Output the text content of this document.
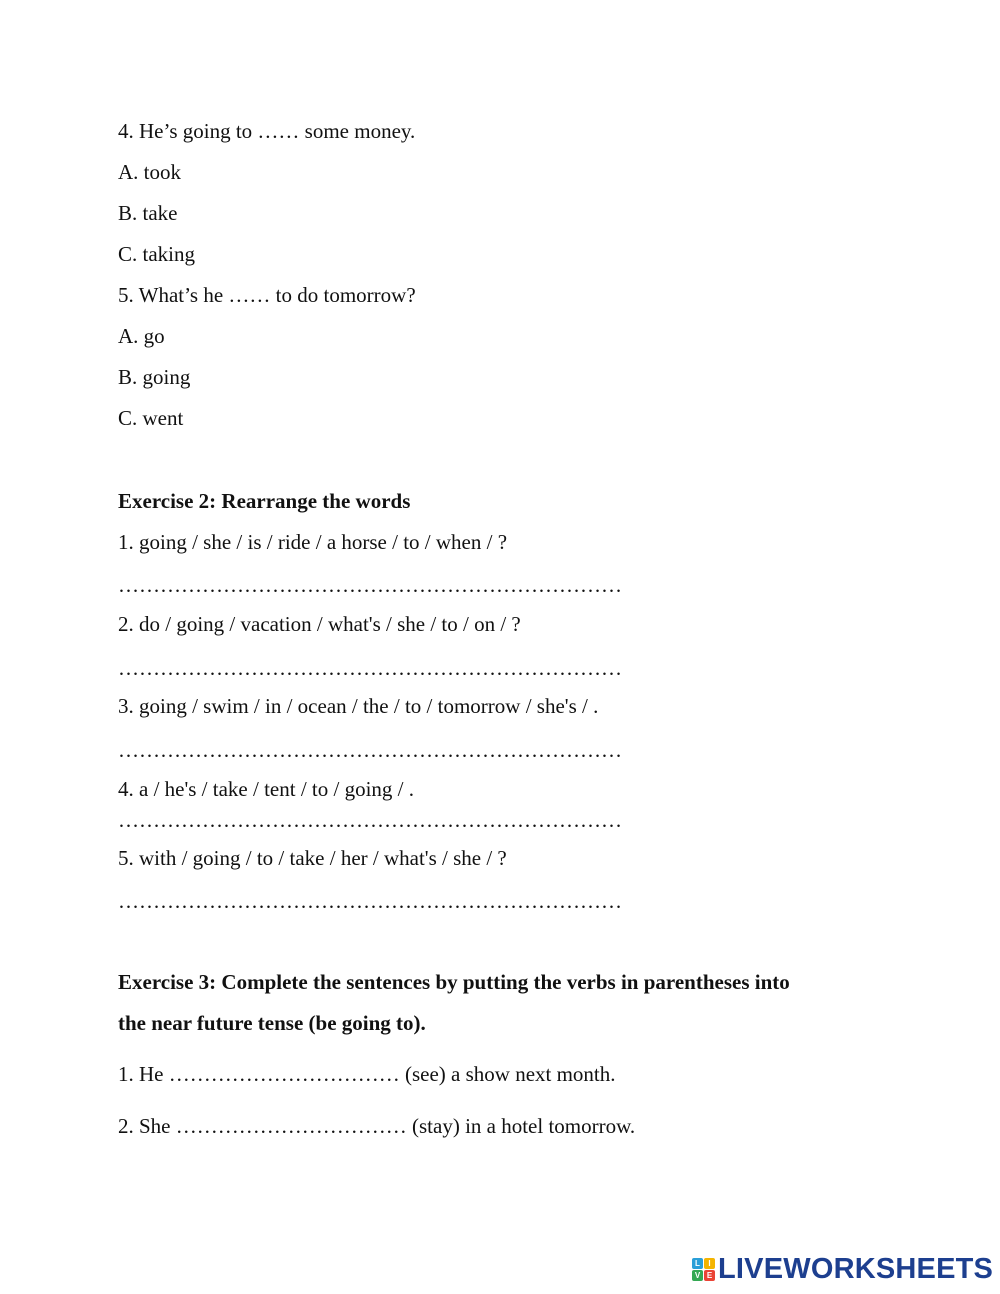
4. He’s going to …… some money.
A. took
B. take
C. taking
5. What’s he …… to do tomorrow?
A. go
B. going
C. went
Exercise 2: Rearrange the words
1. going / she / is / ride / a horse / to / when / ?
………………………………………………………………
2. do / going / vacation / what's / she / to / on / ?
………………………………………………………………
3. going / swim / in / ocean / the / to / tomorrow / she's / .
………………………………………………………………
4. a / he's / take / tent / to / going / .
………………………………………………………………
5. with / going / to / take / her / what's / she / ?
………………………………………………………………
Exercise 3: Complete the sentences by putting the verbs in parentheses into
the near future tense (be going to).
1. He …………………………… (see) a show next month.
2. She …………………………… (stay) in a hotel tomorrow.
L	I
V E LIVEWORKSHEETS
